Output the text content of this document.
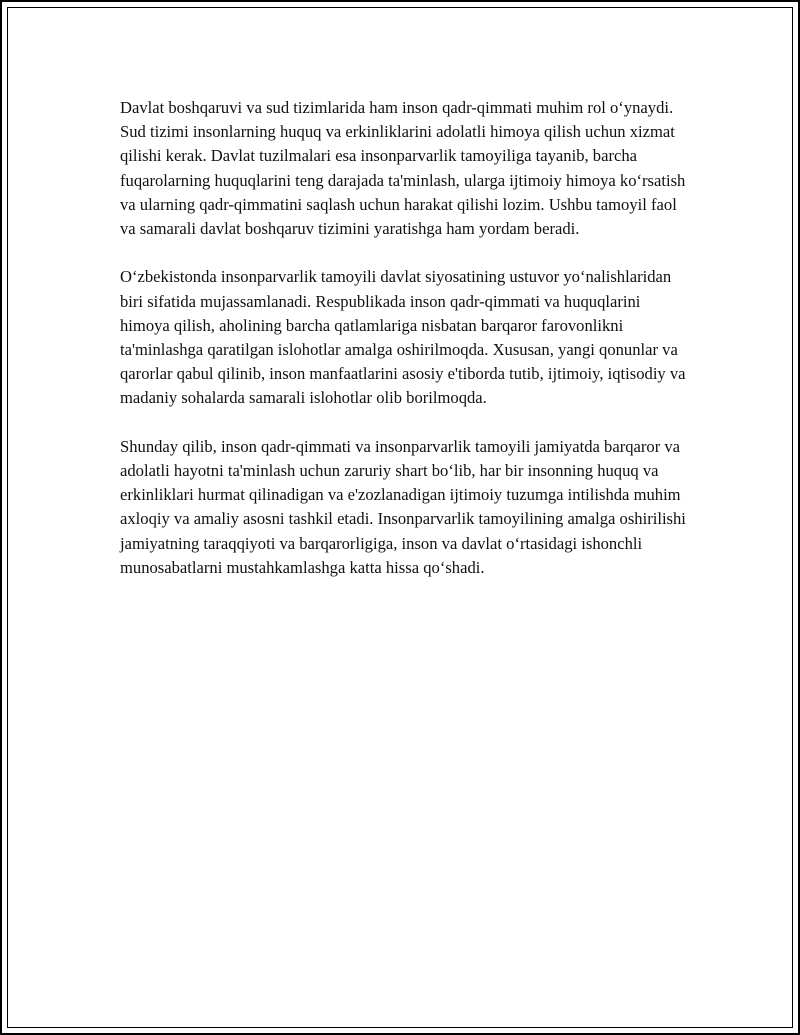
Davlat boshqaruvi va sud tizimlarida ham inson qadr-qimmati muhim rol oʻynaydi. Sud tizimi insonlarning huquq va erkinliklarini adolatli himoya qilish uchun xizmat qilishi kerak. Davlat tuzilmalari esa insonparvarlik tamoyiliga tayanib, barcha fuqarolarning huquqlarini teng darajada ta'minlash, ularga ijtimoiy himoya koʻrsatish va ularning qadr-qimmatini saqlash uchun harakat qilishi lozim. Ushbu tamoyil faol va samarali davlat boshqaruv tizimini yaratishga ham yordam beradi.

Oʻzbekistonda insonparvarlik tamoyili davlat siyosatining ustuvor yoʻnalishlaridan biri sifatida mujassamlanadi. Respublikada inson qadr-qimmati va huquqlarini himoya qilish, aholining barcha qatlamlariga nisbatan barqaror farovonlikni ta'minlashga qaratilgan islohotlar amalga oshirilmoqda. Xususan, yangi qonunlar va qarorlar qabul qilinib, inson manfaatlarini asosiy e'tiborda tutib, ijtimoiy, iqtisodiy va madaniy sohalarda samarali islohotlar olib borilmoqda.

Shunday qilib, inson qadr-qimmati va insonparvarlik tamoyili jamiyatda barqaror va adolatli hayotni ta'minlash uchun zaruriy shart boʻlib, har bir insonning huquq va erkinliklari hurmat qilinadigan va e'zozlanadigan ijtimoiy tuzumga intilishda muhim axloqiy va amaliy asosni tashkil etadi. Insonparvarlik tamoyilining amalga oshirilishi jamiyatning taraqqiyoti va barqarorligiga, inson va davlat oʻrtasidagi ishonchli munosabatlarni mustahkamlashga katta hissa qoʻshadi.
